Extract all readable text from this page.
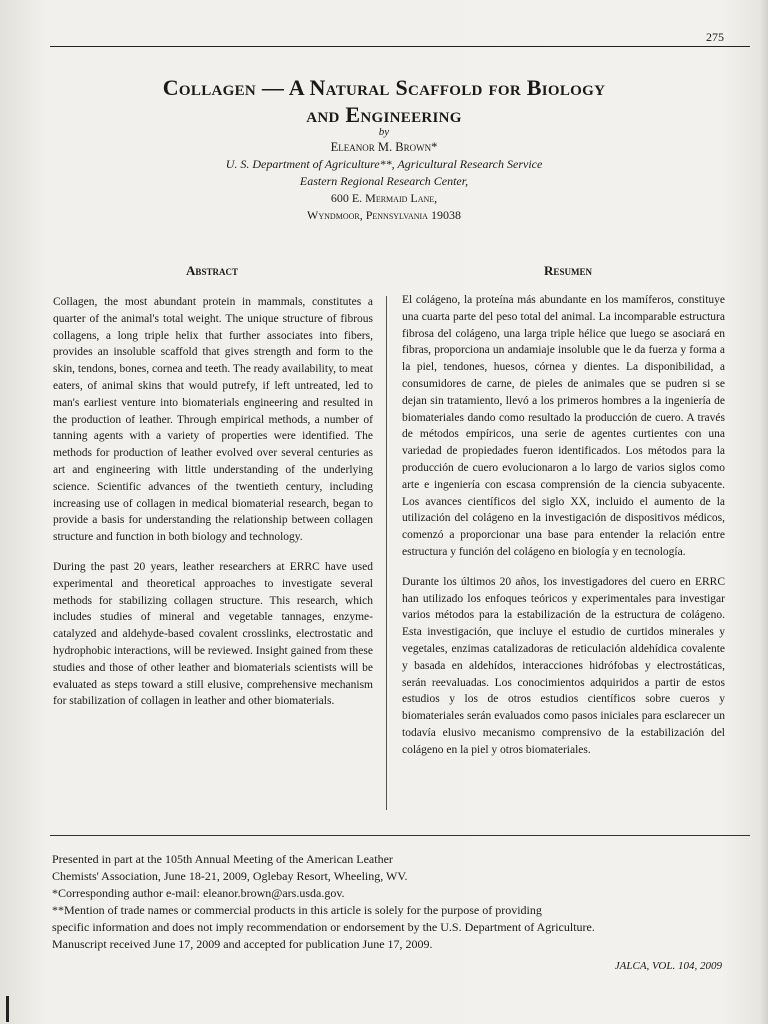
275
Collagen — A Natural Scaffold for Biology
and Engineering
by
Eleanor M. Brown*
U. S. Department of Agriculture**, Agricultural Research Service
Eastern Regional Research Center,
600 E. Mermaid Lane,
Wyndmoor, Pennsylvania 19038
Abstract	Resumen

Collagen, the most abundant protein in mammals, constitutes a quarter of the animal's total weight. The unique structure of fibrous collagens, a long triple helix that further associates into fibers, provides an insoluble scaffold that gives strength and form to the skin, tendons, bones, cornea and teeth. The ready availability, to meat eaters, of animal skins that would putrefy, if left untreated, led to man's earliest venture into biomaterials engineering and resulted in the production of leather. Through empirical methods, a number of tanning agents with a variety of properties were identified. The methods for production of leather evolved over several centuries as art and engineering with little understanding of the underlying science. Scientific advances of the twentieth century, including increasing use of collagen in medical biomaterial research, began to provide a basis for understanding the relationship between collagen structure and function in both biology and technology.

During the past 20 years, leather researchers at ERRC have used experimental and theoretical approaches to investigate several methods for stabilizing collagen structure. This research, which includes studies of mineral and vegetable tannages, enzyme-catalyzed and aldehyde-based covalent crosslinks, electrostatic and hydrophobic interactions, will be reviewed. Insight gained from these studies and those of other leather and biomaterials scientists will be evaluated as steps toward a still elusive, comprehensive mechanism for stabilization of collagen in leather and other biomaterials.

El colágeno, la proteína más abundante en los mamíferos, constituye una cuarta parte del peso total del animal. La incomparable estructura fibrosa del colágeno, una larga triple hélice que luego se asociará en fibras, proporciona un andamiaje insoluble que le da fuerza y forma a la piel, tendones, huesos, córnea y dientes. La disponibilidad, a consumidores de carne, de pieles de animales que se pudren si se dejan sin tratamiento, llevó a los primeros hombres a la ingeniería de biomateriales dando como resultado la producción de cuero. A través de métodos empíricos, una serie de agentes curtientes con una variedad de propiedades fueron identificados. Los métodos para la producción de cuero evolucionaron a lo largo de varios siglos como arte e ingeniería con escasa comprensión de la ciencia subyacente. Los avances científicos del siglo XX, incluido el aumento de la utilización del colágeno en la investigación de dispositivos médicos, comenzó a proporcionar una base para entender la relación entre estructura y función del colágeno en biología y en tecnología.

Durante los últimos 20 años, los investigadores del cuero en ERRC han utilizado los enfoques teóricos y experimentales para investigar varios métodos para la estabilización de la estructura de colágeno. Esta investigación, que incluye el estudio de curtidos minerales y vegetales, enzimas catalizadoras de reticulación aldehídica covalente y basada en aldehídos, interacciones hidrófobas y electrostáticas, serán reevaluadas. Los conocimientos adquiridos a partir de estos estudios y los de otros estudios científicos sobre cueros y biomateriales serán evaluados como pasos iniciales para esclarecer un todavía elusivo mecanismo comprensivo de la estabilización del colágeno en la piel y otros biomateriales.

Presented in part at the 105th Annual Meeting of the American Leather
Chemists' Association, June 18-21, 2009, Oglebay Resort, Wheeling, WV.
*Corresponding author e-mail: eleanor.brown@ars.usda.gov.
**Mention of trade names or commercial products in this article is solely for the purpose of providing
specific information and does not imply recommendation or endorsement by the U.S. Department of Agriculture.
Manuscript received June 17, 2009 and accepted for publication June 17, 2009.
JALCA, VOL. 104, 2009
